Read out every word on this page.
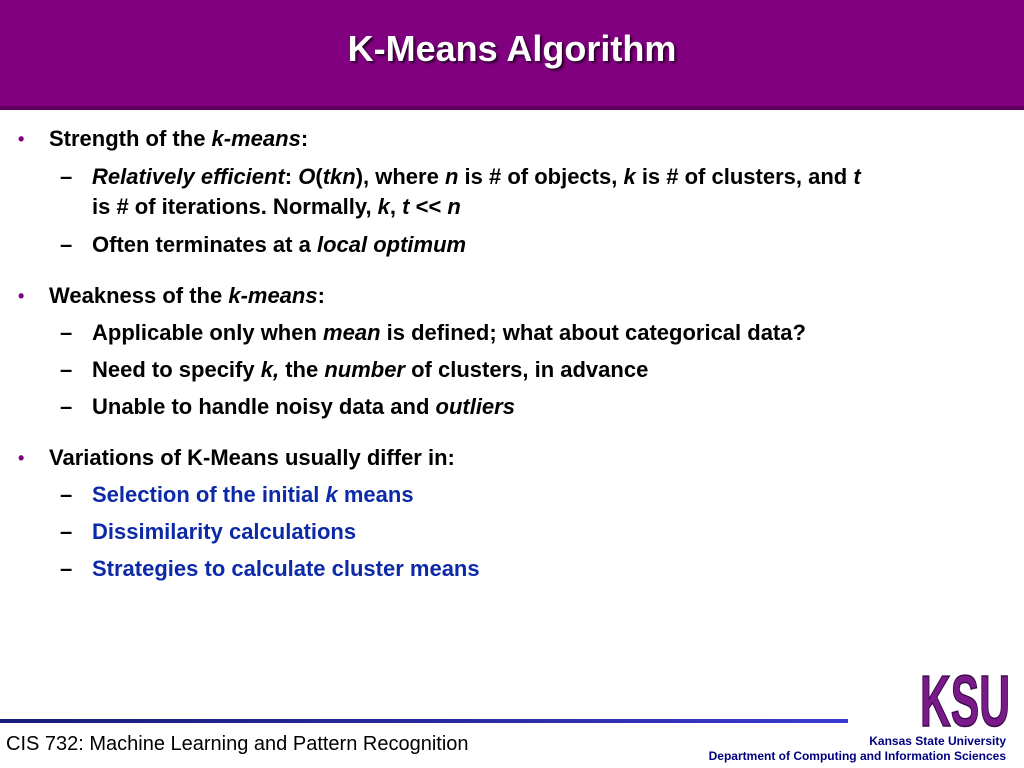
K-Means Algorithm
• Strength of the k-means:
– Relatively efficient: O(tkn), where n is # of objects, k is # of clusters, and t
is # of iterations. Normally, k, t << n
– Often terminates at a local optimum
• Weakness of the k-means:
– Applicable only when mean is defined; what about categorical data?
– Need to specify k, the number of clusters, in advance
– Unable to handle noisy data and outliers
• Variations of K-Means usually differ in:
– Selection of the initial k means
– Dissimilarity calculations
– Strategies to calculate cluster means
KSU
CIS 732: Machine Learning and Pattern Recognition	Kansas State University
Department of Computing and Information Sciences
